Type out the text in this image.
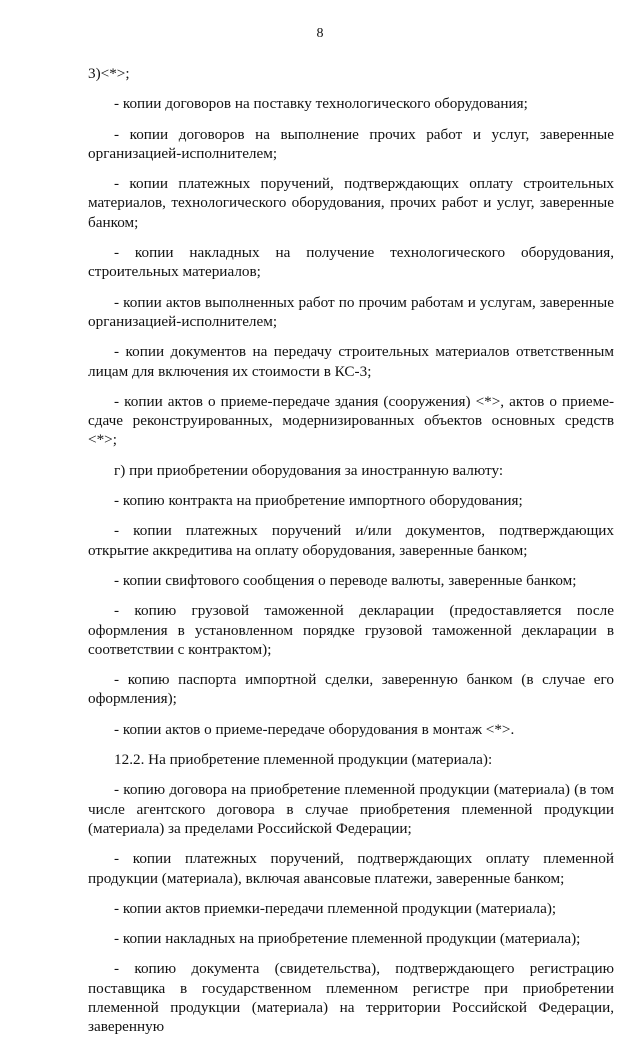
8

3)<*>;

- копии договоров на поставку технологического оборудования;

- копии договоров на выполнение прочих работ и услуг, заверенные организацией-исполнителем;

- копии платежных поручений, подтверждающих оплату строительных материалов, технологического оборудования, прочих работ и услуг, заверенные банком;

- копии накладных на получение технологического оборудования, строительных материалов;

- копии актов выполненных работ по прочим работам и услугам, заверенные организацией-исполнителем;

- копии документов на передачу строительных материалов ответственным лицам для включения их стоимости в КС-3;

- копии актов о приеме-передаче здания (сооружения) <*>, актов о приеме-сдаче реконструированных, модернизированных объектов основных средств <*>;

г) при приобретении оборудования за иностранную валюту:

- копию контракта на приобретение импортного оборудования;

- копии платежных поручений и/или документов, подтверждающих открытие аккредитива на оплату оборудования, заверенные банком;

- копии свифтового сообщения о переводе валюты, заверенные банком;

- копию грузовой таможенной декларации (предоставляется после оформления в установленном порядке грузовой таможенной декларации в соответствии с контрактом);

- копию паспорта импортной сделки, заверенную банком (в случае его оформления);

- копии актов о приеме-передаче оборудования в монтаж <*>.

12.2. На приобретение племенной продукции (материала):

- копию договора на приобретение племенной продукции (материала) (в том числе агентского договора в случае приобретения племенной продукции (материала) за пределами Российской Федерации;

- копии платежных поручений, подтверждающих оплату племенной продукции (материала), включая авансовые платежи, заверенные банком;

- копии актов приемки-передачи племенной продукции (материала);

- копии накладных на приобретение племенной продукции (материала);

- копию документа (свидетельства), подтверждающего регистрацию поставщика в государственном племенном регистре при приобретении племенной продукции (материала) на территории Российской Федерации, заверенную
